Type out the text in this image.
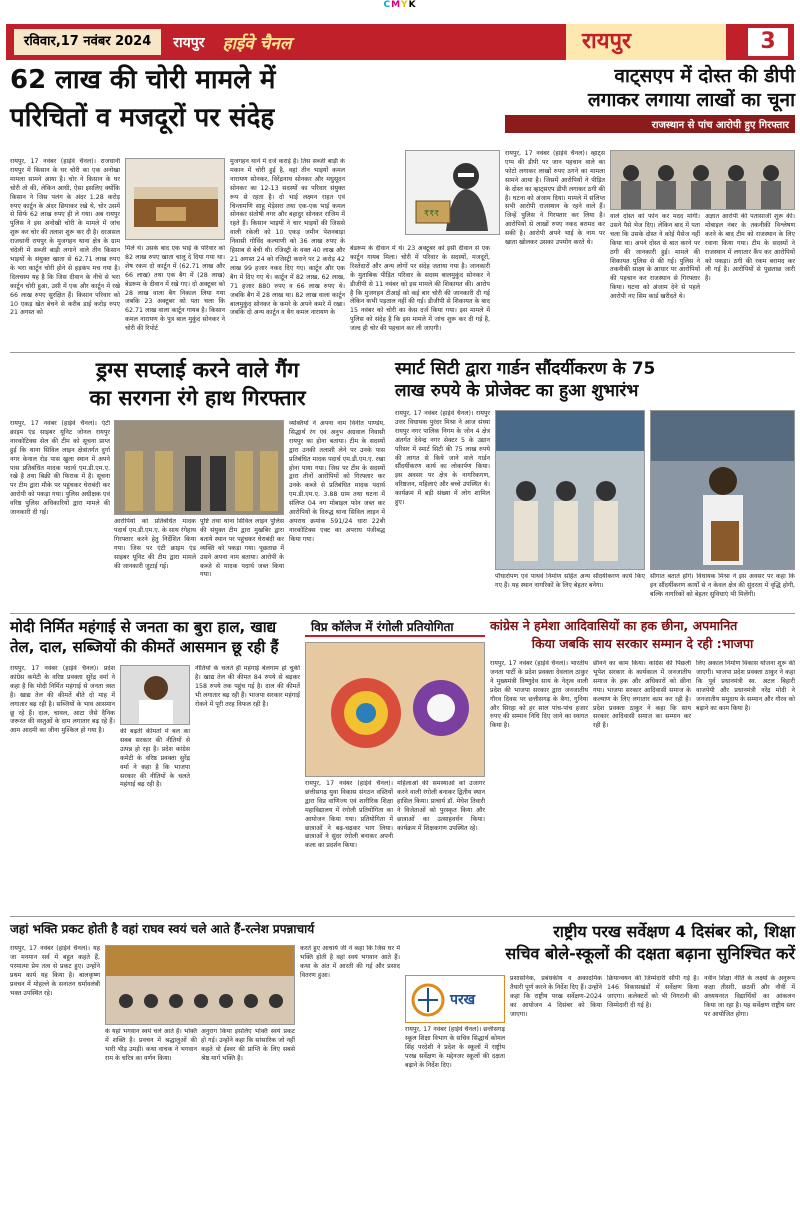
CMYK
रविवार,17 नवंबर 2024	रायपुर हाईवे चैनल	रायपुर	3
62 लाख की चोरी मामले में
परिचितों व मजदूरों पर संदेह
₹₹₹
रायपुर, 17 नवंबर (हाईवे चैनल)। राजधानी रायपुर में किसान के घर चोरी का एक अनोखा मामला सामने आया है। चोर ने किसान के घर चोरी तो की, लेकिन आधी, ऐसा इसलिए क्योंकि किसान ने जिस पलंग के अंदर 1.28 करोड़ रुपए कार्टून के अंदर छिपाकर रखे थे, चोर उसमें से सिर्फ 62 लाख रुपए ही ले गया। अब रायपुर पुलिस ने इस अनोखी चोरी के मामले में जांच शुरू कर चोर की तलाश शुरू कर दी है। दरअसल राजधानी रायपुर के मुजगहन थाना क्षेत्र के ग्राम चंदेली में सब्जी बाड़ी लगाने वाले तीन किसान भाइयों के संयुक्त खाता से 62.71 लाख रुपए के भरा कार्टून चोरी होने से हड़कंप मच गया है। दिलचस्प यह है कि जिस दीवान के नीचे से भरा कार्टून चोरी हुआ, उसी में एक और कार्टून में रखे 66 लाख रुपए सुरक्षित हैं। किसान परिवार को 10 एकड़ खेत बेचने से करीब डाई करोड़ रुपए 21 अगस्त को
मिले थे। उसके बाद एक भाई के परिवार को 82 लाख रुपए खाता चालू दे दिया गया था। शेष रकम दो कार्टून में (62.71 लाख और 66 लाख) तथा एक बैग में (28 लाख) बेडरूम के दीवान में रखे गए। दो अक्टूबर को 28 लाख वाला बैग निकाल लिया गया जबकि 23 अक्टूबर को पता चला कि 62.71 लाख वाला कार्टून गायब है। किसान कमल नारायण के पुत्र बाल मुकुंद सोनकर ने चोरी की रिपोर्ट
मुजगहन थाने में दर्ज कराई है। तिस सब्जी बाड़ी के मकान में चोरी हुई है, वहां तीन भाइयों कमल नारायण सोनकर, विरेंद्रनाथ सोनकर और मधुसूदन सोनकर का 12-13 सदस्यों का परिवार संयुक्त रूप से रहता है। दो भाई लक्ष्मन राहत एवं चिन्तामणि साहू मेड़ेसरा तथा एक-एक भाई कमल सोनकर संतोषी नगर और बहादुर सोनकर राजिम में रहते हैं। किसान भाइयों ने चार भाइयों की जिससे वाली रकेली को 10 एकड़ जमीन पेशनबाड़ा निवासी गोविंद कल्याणी को 36 लाख रुपए के हिसाब से बेची थी। रजिस्ट्री के वक्त 40 लाख और 21 अगस्त 24 को रजिस्ट्री कराने पर 2 करोड़ 42 लाख 99 हजार नकद दिए गए। कार्टून और एक बैग में दिए गए थे। कार्टून में 82 लाख, 62 लाख, 71 हजार 880 रुपए व 66 लाख रुपए थे। जबकि बैग में 28 लाख था। 82 लाख वाला कार्टून बालमुकुंद सोनकर के कमरे के अपने कमरे में रखा। जबकि दो अन्य कार्टून व बैग कमल नारायण के
बेडरूम के दीवान में थे। 23 अक्टूबर को इसी दीवान से एक कार्टून गायब मिला। चोरी में परिवार के सदस्यों, मजदूरों, रिश्तेदारों और अन्य लोगों पर संदेह जताया गया है। जानकारी के मुताबिक पीड़ित परिवार के सदस्य बालमुकुंद सोनकर ने डीजीपी से 11 नवंबर को इस मामले की शिकायत की। आरोप है कि मुजगहन टीआई को कई बार चोरी की जानकारी दी गई लेकिन कभी पड़ताल नहीं की गई। डीजीपी से शिकायत के बाद 15 नवंबर को चोरी का केस दर्ज किया गया। इस मामले में पुलिस को संदेह है कि इस मामले में जांच शुरू कर दी गई है, जल्द ही चोर की पहचान कर ली जाएगी।
वाट्सएप में दोस्त की डीपी
लगाकर लगाया लाखों का चूना
राजस्थान से पांच आरोपी हुए गिरफ्तार
रायपुर, 17 नवंबर (हाईवे चैनल)। व्हाट्स एप्प की डीपी पर जान पहचान वाले का फोटो लगाकर लाखों रुपए ठगने का मामला सामने आया है। जिसमें आरोपियों ने पीड़ित के दोस्त का व्हाट्सएप डीपी लगाकर ठगी की है। घटना को अंजाम दिया। मामले में संलिप्त सभी आरोपी राजस्थान के रहने वाले हैं। जिन्हें पुलिस ने गिरफ्तार कर लिया है। आरोपियों से लाखों रुपए नकद बरामद कर सकी है। आरोपी अपने भाई के नाम पर खाता खोलकर उसका उपयोग करते थे।
वाले दोस्त को फोन कर मदद मांगी। उसने पैसे भेज दिए। लेकिन बाद में पता चला कि उसके दोस्त ने कोई मैसेज नहीं किया था। अपने दोस्त से बात करने पर ठगी की जानकारी हुई। मामले की शिकायत पुलिस से की गई। पुलिस ने तकनीकी साक्ष्य के आधार पर आरोपियों की पहचान कर राजस्थान से गिरफ्तार किया। घटना को अंजाम देने से पहले आरोपी नए सिम कार्ड खरीदते थे।
अज्ञात आरोपी की पतासाजी शुरू की। मोबाइल नंबर के तकनीकी विश्लेषण करने के बाद टीम को राजस्थान के लिए रवाना किया गया। टीम के सदस्यों ने राजस्थान में लगातार कैंप कर आरोपियों को पकड़ा। ठगी की रकम बरामद कर ली गई है। आरोपियों से पूछताछ जारी है।
ड्रग्स सप्लाई करने वाले गैंग
का सरगना रंगे हाथ गिरफ्तार
रायपुर, 17 नवंबर (हाईवे चैनल)। एंटी क्राइम एंड साइबर यूनिट जोनल रायपुर नारकोटिक्स सेल की टीम को सूचना प्राप्त हुई कि थाना सिविल लाइन क्षेत्रांतर्गत दुर्गा नगर केनाल रोड पास खुला स्थान में अपने पास प्रतिबंधित मादक पदार्थ एम.डी.एम.ए. रखे है तथा बिक्री की फिराक में है। सूचना पर टीम द्वारा मौके पर पहुंचकर घेराबंदी कर आरोपी को पकड़ा गया। पुलिस अधीक्षक एवं वरिष्ठ पुलिस अधिकारियों द्वारा मामले की जानकारी दी गई।
आरोपियों को प्रतिबंधित मादक पदार्थ एम.डी.एम.ए. के साथ रंगेहाथ गिरफ्तार करने हेतु निर्देशित किया गया। जिस पर एंटी क्राइम एंड साइबर यूनिट की टीम द्वारा मामले की जानकारी जुटाई गई।
पुष्टि तथा थाना सिविल लाइन पुलिस की संयुक्त टीम द्वारा मुखबिर द्वारा बताये स्थान पर पहुंचकर घेराबंदी कर व्यक्ति को पकड़ा गया। पूछताछ में उसने अपना नाम बताया। आरोपी के कब्जे से मादक पदार्थ जब्त किया गया।
व्यक्तियों ने अपना नाम विनीत पाण्डेय, सिद्धार्थ रंग एवं अनुभ अग्रवाल निवासी रायपुर का होना बताया। टीम के सदस्यों द्वारा उनकी तलाशी लेने पर उनके पास प्रतिबंधित मादक पदार्थ एम.डी.एम.ए. रखा होना पाया गया। जिस पर टीम के सदस्यों द्वारा तीनों आरोपियों को गिरफ्तार कर उनके कब्जे से प्रतिबंधित मादक पदार्थ एम.डी.एम.ए. 3.88 ग्राम तथा घटना में संलिप्त 04 नग मोबाइल फोन जब्त कर आरोपियों के विरुद्ध थाना सिविल लाइन में अपराध क्रमांक 591/24 धारा 22बी नारकोटिक्स एक्ट का अपराध पंजीबद्ध किया गया।
स्मार्ट सिटी द्वारा गार्डन सौंदर्यीकरण के 75
लाख रुपये के प्रोजेक्ट का हुआ शुभारंभ
रायपुर, 17 नवंबर (हाईवे चैनल)। रायपुर उत्तर विधायक पुरंदर मिश्रा ने आज संध्या रायपुर नगर पालिक निगम के जोन 4 क्षेत्र अंतर्गत देवेन्द्र नगर सेक्टर 5 के उद्यान परिसर में स्मार्ट सिटी की 75 लाख रुपये की लागत से किये जाने वाले गार्डन सौंदर्यीकरण कार्य का लोकार्पण किया। इस अवसर पर क्षेत्र के नागरिकगण, वरिष्ठजन, महिलाएं और बच्चे उपस्थित थे। कार्यक्रम में बड़ी संख्या में लोग शामिल हुए।
पौधारोपण एवं पाथवे निर्माण सहित अन्य सौंदर्यीकरण कार्य किए गए हैं। यह स्थान नागरिकों के लिए बेहतर बनेगा।
सौगात बताते होंगे। विधायक मिश्रा ने इस अवसर पर कहा कि इन सौंदर्यीकरण कार्यों से न केवल क्षेत्र की सुंदरता में वृद्धि होगी, बल्कि नागरिकों को बेहतर सुविधाएं भी मिलेंगी।
मोदी निर्मित महंगाई से जनता का बुरा हाल, खाद्य
तेल, दाल, सब्जियों की कीमतें आसमान छू रही हैं
रायपुर, 17 नवंबर (हाईवे चैनल)। प्रदेश कांग्रेस कमेटी के वरिष्ठ प्रवक्ता सुरेंद्र वर्मा ने कहा है कि मोदी निर्मित महंगाई से जनता त्रस्त है। खाद्य तेल की कीमतें बीते दो माह में लगातार बढ़ रही है। सब्जियों के भाव आसमान छू रहे हैं। दाल, चावल, आटा जैसे दैनिक जरूरत की वस्तुओं के दाम लगातार बढ़ रहे हैं। आम आदमी का जीना मुश्किल हो गया है।	की बढ़ती कीमतों में बल का सबब सरकार की नीतियों से उत्पन्न हो रहा है। प्रदेश कांग्रेस कमेटी के वरिष्ठ प्रवक्ता सुरेंद्र वर्मा ने कहा है कि भाजपा सरकार की नीतियों के चलते महंगाई बढ़ रही है।
नीतियों के चलते ही महंगाई बेलगाम हो चुकी है। खाद्य तेल की कीमत 84 रुपये से बढ़कर 158 रुपये तक पहुंच गई है। दाल की कीमतें भी लगातार बढ़ रही हैं। भाजपा सरकार महंगाई रोकने में पूरी तरह विफल रही है।
विप्र कॉलेज में रंगोली प्रतियोगिता
रायपुर, 17 नवंबर (हाईवे चैनल)। छत्तीसगढ़ युवा विकास संगठन वस्तियों द्वारा विप्र वाणिज्य एवं शारीरिक शिक्षा महाविद्यालय में रंगोली प्रतियोगिता का आयोजन किया गया। प्रतियोगिता में छात्राओं ने बढ़-चढ़कर भाग लिया। छात्राओं ने सुंदर रंगोली बनाकर अपनी कला का प्रदर्शन किया।
महिलाओं की समस्याओं को उजागर करने वाली रंगोली बनाकर द्वितीय स्थान हासिल किया। प्राचार्य डॉ. मेघेश तिवारी ने विजेताओं को पुरस्कृत किया और छात्राओं का उत्साहवर्धन किया। कार्यक्रम में शिक्षकगण उपस्थित रहे।
कांग्रेस ने हमेशा आदिवासियों का हक छीना, अपमानित
किया जबकि साय सरकार सम्मान दे रही :भाजपा
रायपुर, 17 नवंबर (हाईवे चैनल)। भारतीय जनता पार्टी के प्रदेश प्रवक्ता देवलाल ठाकुर ने मुख्यमंत्री विष्णुदेव साय के नेतृत्व वाली प्रदेश की भाजपा सरकार द्वारा जनजातीय गौरव दिवस पर छत्तीसगढ़ के बैगा, गुनिया और सिरहा को हर साल पांच-पांच हजार रुपए की सम्मान निधि दिए जाने का स्वागत किया है।
छीनने का काम किया। कांग्रेस की पिछली भूपेश सरकार के कार्यकाल में जनजातीय समाज के हक और अधिकारों को छीना गया। भाजपा सरकार आदिवासी समाज के कल्याण के लिए लगातार काम कर रही है। प्रदेश प्रवक्ता ठाकुर ने कहा कि साय सरकार आदिवासी समाज का सम्मान कर रही है।
लिए अकाल निर्माण विकास योजना शुरू की जाएगी। भाजपा प्रदेश प्रवक्ता ठाकुर ने कहा कि पूर्व प्रधानमंत्री स्व. अटल बिहारी वाजपेयी और प्रधानमंत्री नरेंद्र मोदी ने जनजातीय समुदाय के सम्मान और गौरव को बढ़ाने का काम किया है।
जहां भक्ति प्रकट होती है वहां राघव स्वयं चले आते हैं-रत्नेश प्रपन्नाचार्य
रायपुर, 17 नवंबर (हाईवे चैनल)। यह जा मनमान सर्व में बहुत कहते हैं, परमात्मा प्रेम तत्व से प्रकट हुए। उन्होंने प्रथम कार्य यह किया है। बालकृष्ण प्रवचन में मोहल्ले के सनातन धर्मावलंबी भक्त उपस्थित रहे।
के यहां भगवान स्वयं चले आते हैं। भक्ति में शक्ति है। प्रवचन में श्रद्धालुओं की भारी भीड़ उमड़ी। कथा वाचक ने भगवान राम के चरित्र का वर्णन किया।
अनुराग किया इसलिए भक्ति स्वयं प्रकट हो गई। उन्होंने कहा कि सांसारिक जो नहीं कहते वो ईश्वर की प्राप्ति के लिए सबसे श्रेष्ठ मार्ग भक्ति है।
करते हुए आचार्य जी ने कहा कि जिस घर में भक्ति होती है वहां स्वयं भगवान आते हैं। कथा के अंत में आरती की गई और प्रसाद वितरण हुआ।
राष्ट्रीय परख सर्वेक्षण 4 दिसंबर को, शिक्षा
सचिव बोले-स्कूलों की दक्षता बढ़ाना सुनिश्चित करें
परख
रायपुर, 17 नवंबर (हाईवे चैनल)। छत्तीसगढ़ स्कूल शिक्षा विभाग के सचिव सिद्धार्थ कोमल सिंह परदेशी ने प्रदेश के स्कूलों में राष्ट्रीय परख सर्वेक्षण के मद्देनजर स्कूलों की दक्षता बढ़ाने के निर्देश दिए।
प्रशासनिक, प्रबंधकीय व अकादमिक तैयारी पूर्ण करने के निर्देश दिए हैं। उन्होंने कहा कि राष्ट्रीय परख सर्वेक्षण-2024 का आयोजन 4 दिसंबर को किया जाएगा।
क्रियान्वयन की जिम्मेदारी सौंपी गई है। 146 विकासखंडों में सर्वेक्षण किया जाएगा। कलेक्टरों को भी निगरानी की जिम्मेदारी दी गई है।
नवीन शिक्षा नीति के लक्ष्यों के अनुरूप कक्षा तीसरी, छठवीं और नौवीं में अध्ययनरत विद्यार्थियों का आंकलन किया जा रहा है। यह सर्वेक्षण राष्ट्रीय स्तर पर आयोजित होगा।
